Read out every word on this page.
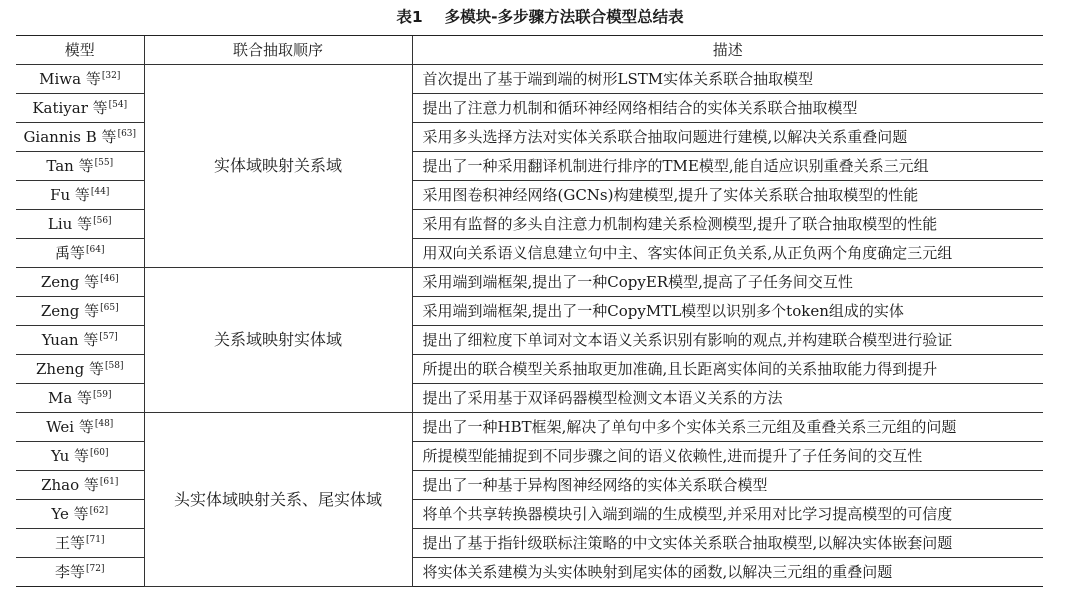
表1 多模块-多步骤方法联合模型总结表
模型	联合抽取顺序	描述
Miwa 等[32]	实体域映射关系域	首次提出了基于端到端的树形LSTM实体关系联合抽取模型
Katiyar 等[54]		提出了注意力机制和循环神经网络相结合的实体关系联合抽取模型
Giannis B 等[63]		采用多头选择方法对实体关系联合抽取问题进行建模,以解决关系重叠问题
Tan 等[55]		提出了一种采用翻译机制进行排序的TME模型,能自适应识别重叠关系三元组
Fu 等[44]		采用图卷积神经网络(GCNs)构建模型,提升了实体关系联合抽取模型的性能
Liu 等[56]		采用有监督的多头自注意力机制构建关系检测模型,提升了联合抽取模型的性能
禹等[64]		用双向关系语义信息建立句中主、客实体间正负关系,从正负两个角度确定三元组
Zeng 等[46]	关系域映射实体域	采用端到端框架,提出了一种CopyER模型,提高了子任务间交互性
Zeng 等[65]		采用端到端框架,提出了一种CopyMTL模型以识别多个token组成的实体
Yuan 等[57]		提出了细粒度下单词对文本语义关系识别有影响的观点,并构建联合模型进行验证
Zheng 等[58]		所提出的联合模型关系抽取更加准确,且长距离实体间的关系抽取能力得到提升
Ma 等[59]		提出了采用基于双译码器模型检测文本语义关系的方法
Wei 等[48]	头实体域映射关系、尾实体域	提出了一种HBT框架,解决了单句中多个实体关系三元组及重叠关系三元组的问题
Yu 等[60]		所提模型能捕捉到不同步骤之间的语义依赖性,进而提升了子任务间的交互性
Zhao 等[61]		提出了一种基于异构图神经网络的实体关系联合模型
Ye 等[62]		将单个共享转换器模块引入端到端的生成模型,并采用对比学习提高模型的可信度
王等[71]		提出了基于指针级联标注策略的中文实体关系联合抽取模型,以解决实体嵌套问题
李等[72]		将实体关系建模为头实体映射到尾实体的函数,以解决三元组的重叠问题
